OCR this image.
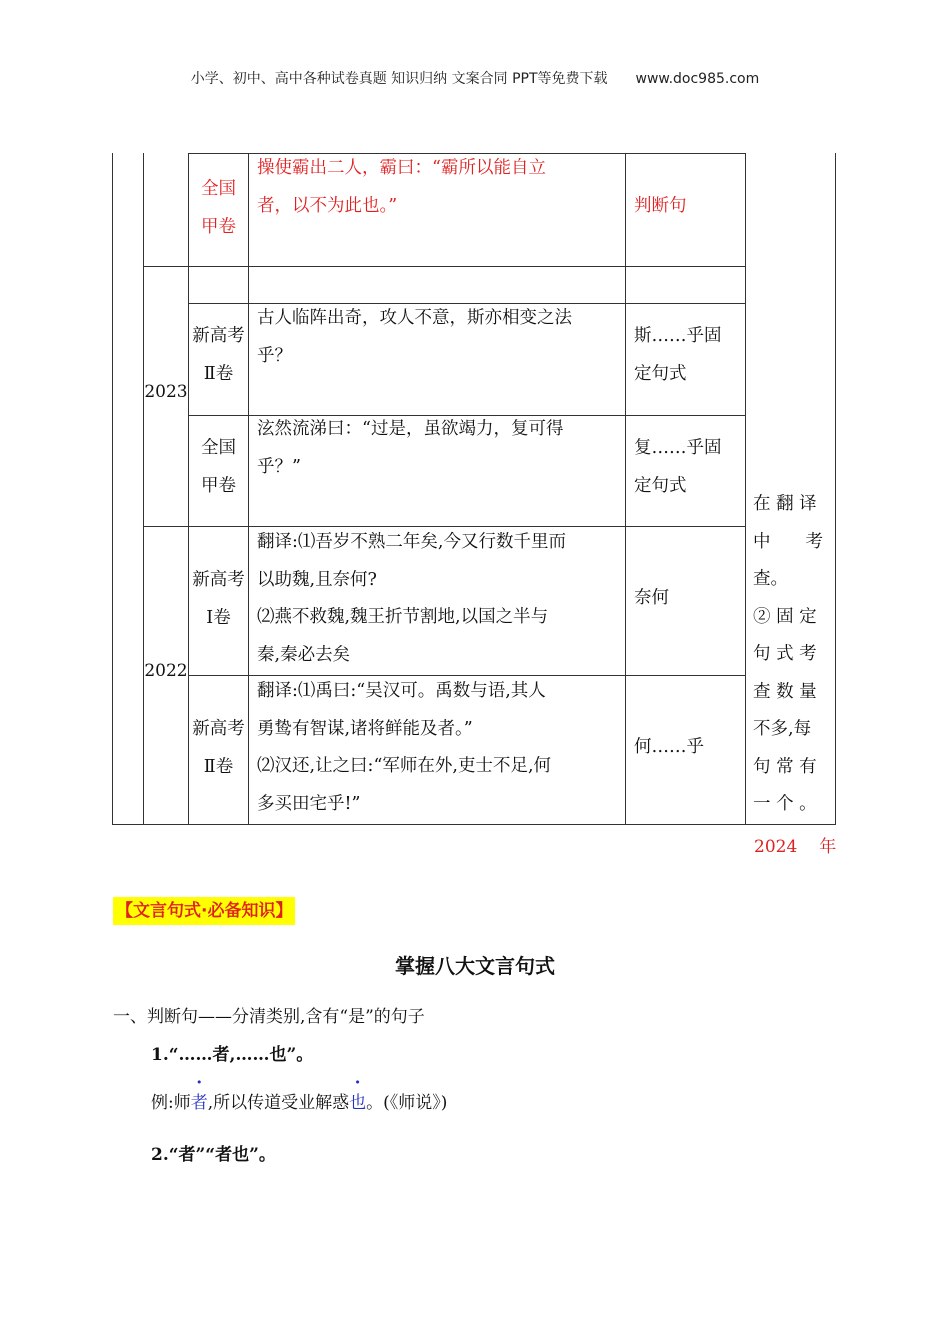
小学、初中、高中各种试卷真题 知识归纳 文案合同 PPT等免费下载 www.doc985.com
全国
甲卷
操使霸出二人，霸曰：“霸所以能自立
者，以不为此也。”	判断句
新高考
Ⅱ卷
古人临阵出奇，攻人不意，斯亦相变之法
乎？
斯……乎固
定句式
2023
全国
甲卷
泫然流涕曰：“过是，虽欲竭力，复可得
乎？”
复……乎固
定句式
新高考
Ⅰ卷
翻译:⑴吾岁不熟二年矣,今又行数千里而
以助魏,且奈何?
⑵燕不救魏,魏王折节割地,以国之半与
秦,秦必去矣
奈何
2022
新高考
Ⅱ卷
翻译:⑴禹曰:“吴汉可。禹数与语,其人
勇鸷有智谋,诸将鲜能及者。”
⑵汉还,让之曰:“军师在外,吏士不足,何
多买田宅乎!”
何……乎
在 翻 译
中　　考
查。
② 固 定
句 式 考
查 数 量
不多,每
句 常 有
一 个 。
2024 年
【文言句式·必备知识】
掌握八大文言句式
一、判断句——分清类别,含有“是”的句子
1.“……者,……也”。
例:师者,所以传道受业解惑也。(《师说》)
2.“者”“者也”。
